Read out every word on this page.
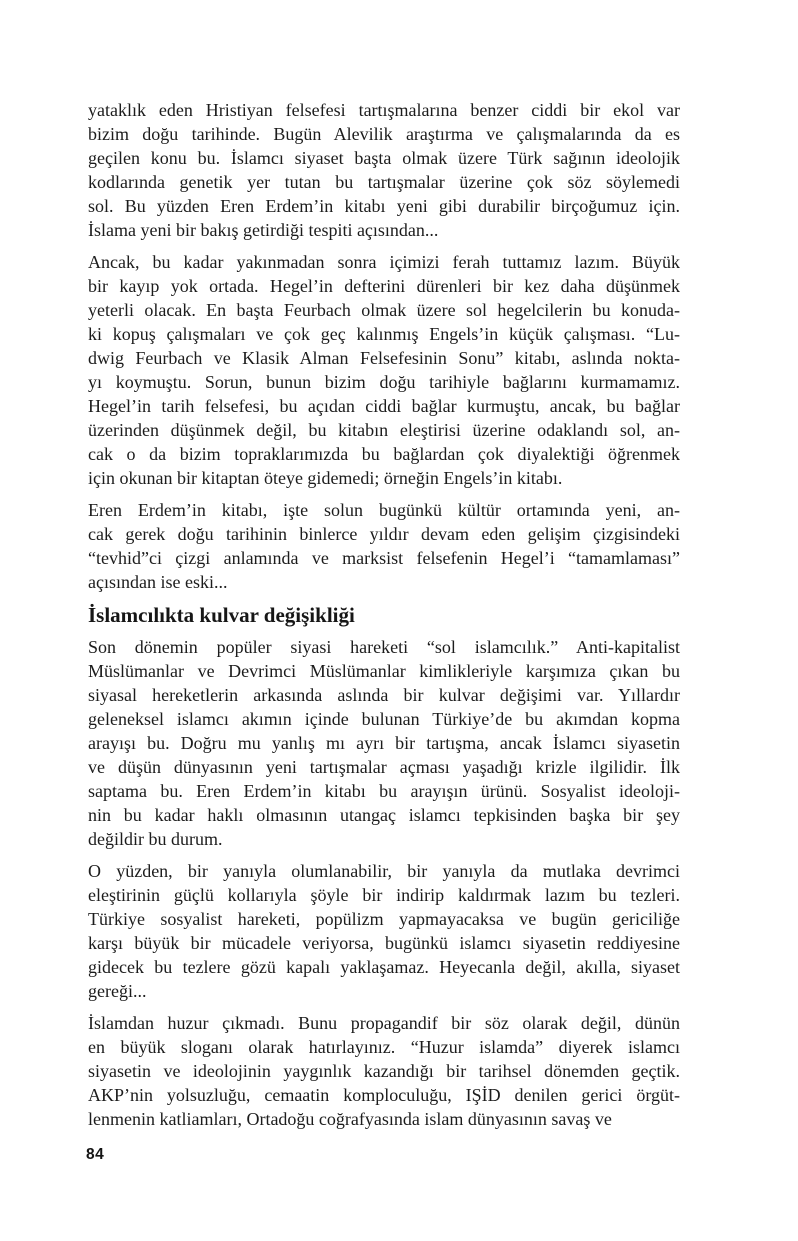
yataklık eden Hristiyan felsefesi tartışmalarına benzer ciddi bir ekol var
bizim doğu tarihinde. Bugün Alevilik araştırma ve çalışmalarında da es
geçilen konu bu. İslamcı siyaset başta olmak üzere Türk sağının ideolojik
kodlarında genetik yer tutan bu tartışmalar üzerine çok söz söylemedi
sol. Bu yüzden Eren Erdem’in kitabı yeni gibi durabilir birçoğumuz için.
İslama yeni bir bakış getirdiği tespiti açısından...
Ancak, bu kadar yakınmadan sonra içimizi ferah tuttamız lazım. Büyük
bir kayıp yok ortada. Hegel’in defterini dürenleri bir kez daha düşünmek
yeterli olacak. En başta Feurbach olmak üzere sol hegelcilerin bu konuda-
ki kopuş çalışmaları ve çok geç kalınmış Engels’in küçük çalışması. “Lu-
dwig Feurbach ve Klasik Alman Felsefesinin Sonu” kitabı, aslında nokta-
yı koymuştu. Sorun, bunun bizim doğu tarihiyle bağlarını kurmamamız.
Hegel’in tarih felsefesi, bu açıdan ciddi bağlar kurmuştu, ancak, bu bağlar
üzerinden düşünmek değil, bu kitabın eleştirisi üzerine odaklandı sol, an-
cak o da bizim topraklarımızda bu bağlardan çok diyalektiği öğrenmek
için okunan bir kitaptan öteye gidemedi; örneğin Engels’in kitabı.
Eren Erdem’in kitabı, işte solun bugünkü kültür ortamında yeni, an-
cak gerek doğu tarihinin binlerce yıldır devam eden gelişim çizgisindeki
“tevhid”ci çizgi anlamında ve marksist felsefenin Hegel’i “tamamlaması”
açısından ise eski...
İslamcılıkta kulvar değişikliği
Son dönemin popüler siyasi hareketi “sol islamcılık.” Anti-kapitalist
Müslümanlar ve Devrimci Müslümanlar kimlikleriyle karşımıza çıkan bu
siyasal hereketlerin arkasında aslında bir kulvar değişimi var. Yıllardır
geleneksel islamcı akımın içinde bulunan Türkiye’de bu akımdan kopma
arayışı bu. Doğru mu yanlış mı ayrı bir tartışma, ancak İslamcı siyasetin
ve düşün dünyasının yeni tartışmalar açması yaşadığı krizle ilgilidir. İlk
saptama bu. Eren Erdem’in kitabı bu arayışın ürünü. Sosyalist ideoloji-
nin bu kadar haklı olmasının utangaç islamcı tepkisinden başka bir şey
değildir bu durum.
O yüzden, bir yanıyla olumlanabilir, bir yanıyla da mutlaka devrimci
eleştirinin güçlü kollarıyla şöyle bir indirip kaldırmak lazım bu tezleri.
Türkiye sosyalist hareketi, popülizm yapmayacaksa ve bugün gericiliğe
karşı büyük bir mücadele veriyorsa, bugünkü islamcı siyasetin reddiyesine
gidecek bu tezlere gözü kapalı yaklaşamaz. Heyecanla değil, akılla, siyaset
gereği...
İslamdan huzur çıkmadı. Bunu propagandif bir söz olarak değil, dünün
en büyük sloganı olarak hatırlayınız. “Huzur islamda” diyerek islamcı
siyasetin ve ideolojinin yaygınlık kazandığı bir tarihsel dönemden geçtik.
AKP’nin yolsuzluğu, cemaatin komploculuğu, IŞİD denilen gerici örgüt-
lenmenin katliamları, Ortadoğu coğrafyasında islam dünyasının savaş ve
84
